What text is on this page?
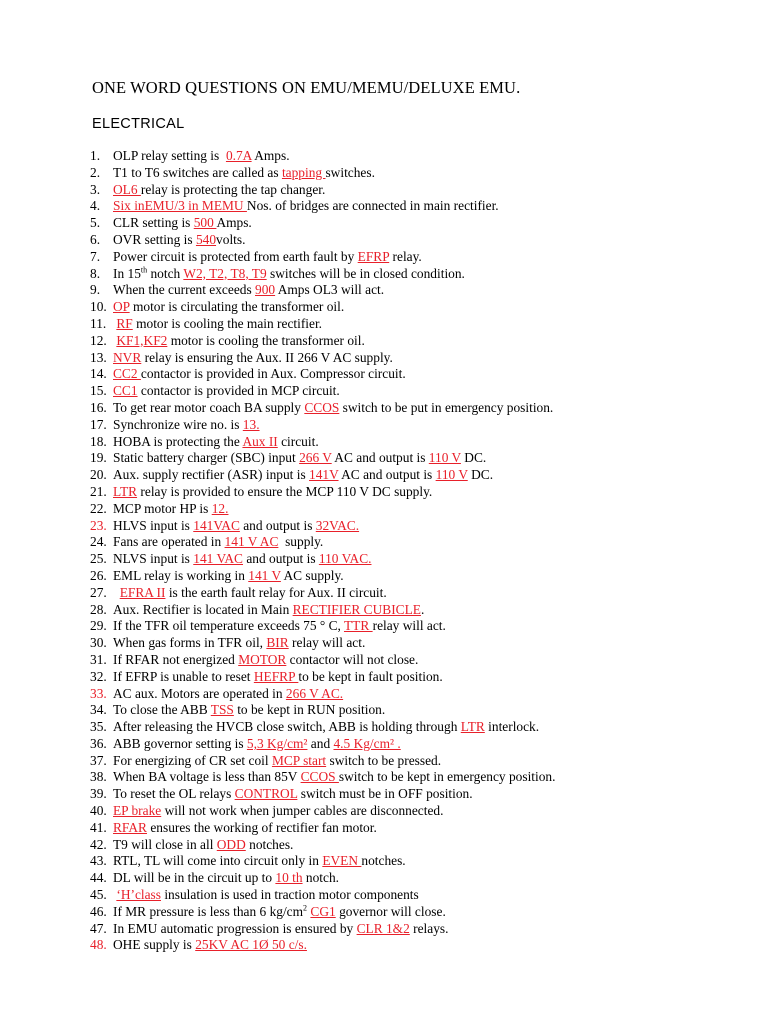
ONE WORD QUESTIONS ON EMU/MEMU/DELUXE EMU.
ELECTRICAL
1. OLP relay setting is  0.7A Amps.
2. T1 to T6 switches are called as tapping switches.
3. OL6 relay is protecting the tap changer.
4. Six inEMU/3 in MEMU Nos. of bridges are connected in main rectifier.
5. CLR setting is 500 Amps.
6. OVR setting is 540volts.
7. Power circuit is protected from earth fault by EFRP relay.
8. In 15th notch W2, T2, T8, T9 switches will be in closed condition.
9. When the current exceeds 900 Amps OL3 will act.
10. OP motor is circulating the transformer oil.
11. RF motor is cooling the main rectifier.
12. KF1,KF2 motor is cooling the transformer oil.
13. NVR relay is ensuring the Aux. II 266 V AC supply.
14. CC2 contactor is provided in Aux. Compressor circuit.
15. CC1 contactor is provided in MCP circuit.
16. To get rear motor coach BA supply CCOS switch to be put in emergency position.
17. Synchronize wire no. is 13.
18. HOBA is protecting the Aux II circuit.
19. Static battery charger (SBC) input 266 V AC and output is 110 V DC.
20. Aux. supply rectifier (ASR) input is 141V AC and output is 110 V DC.
21. LTR relay is provided to ensure the MCP 110 V DC supply.
22. MCP motor HP is 12.
23. HLVS input is 141VAC and output is 32VAC.
24. Fans are operated in 141 V AC  supply.
25. NLVS input is 141 VAC and output is 110 VAC.
26. EML relay is working in 141 V AC supply.
27. EFRA II is the earth fault relay for Aux. II circuit.
28. Aux. Rectifier is located in Main RECTIFIER CUBICLE.
29. If the TFR oil temperature exceeds 75 ° C, TTR relay will act.
30. When gas forms in TFR oil, BIR relay will act.
31. If RFAR not energized MOTOR contactor will not close.
32. If EFRP is unable to reset HEFRP to be kept in fault position.
33. AC aux. Motors are operated in 266 V AC.
34. To close the ABB TSS to be kept in RUN position.
35. After releasing the HVCB close switch, ABB is holding through LTR interlock.
36. ABB governor setting is 5,3 Kg/cm² and 4.5 Kg/cm² .
37. For energizing of CR set coil MCP start switch to be pressed.
38. When BA voltage is less than 85V CCOS switch to be kept in emergency position.
39. To reset the OL relays CONTROL switch must be in OFF position.
40. EP brake will not work when jumper cables are disconnected.
41. RFAR ensures the working of rectifier fan motor.
42. T9 will close in all ODD notches.
43. RTL, TL will come into circuit only in EVEN notches.
44. DL will be in the circuit up to 10 th notch.
45. ‘H’class insulation is used in traction motor components
46. If MR pressure is less than 6 $kg/cm^2$ CG1 governor will close.
47. In EMU automatic progression is ensured by CLR 1&2 relays.
48. OHE supply is 25KV AC 1Ø 50 c/s.
